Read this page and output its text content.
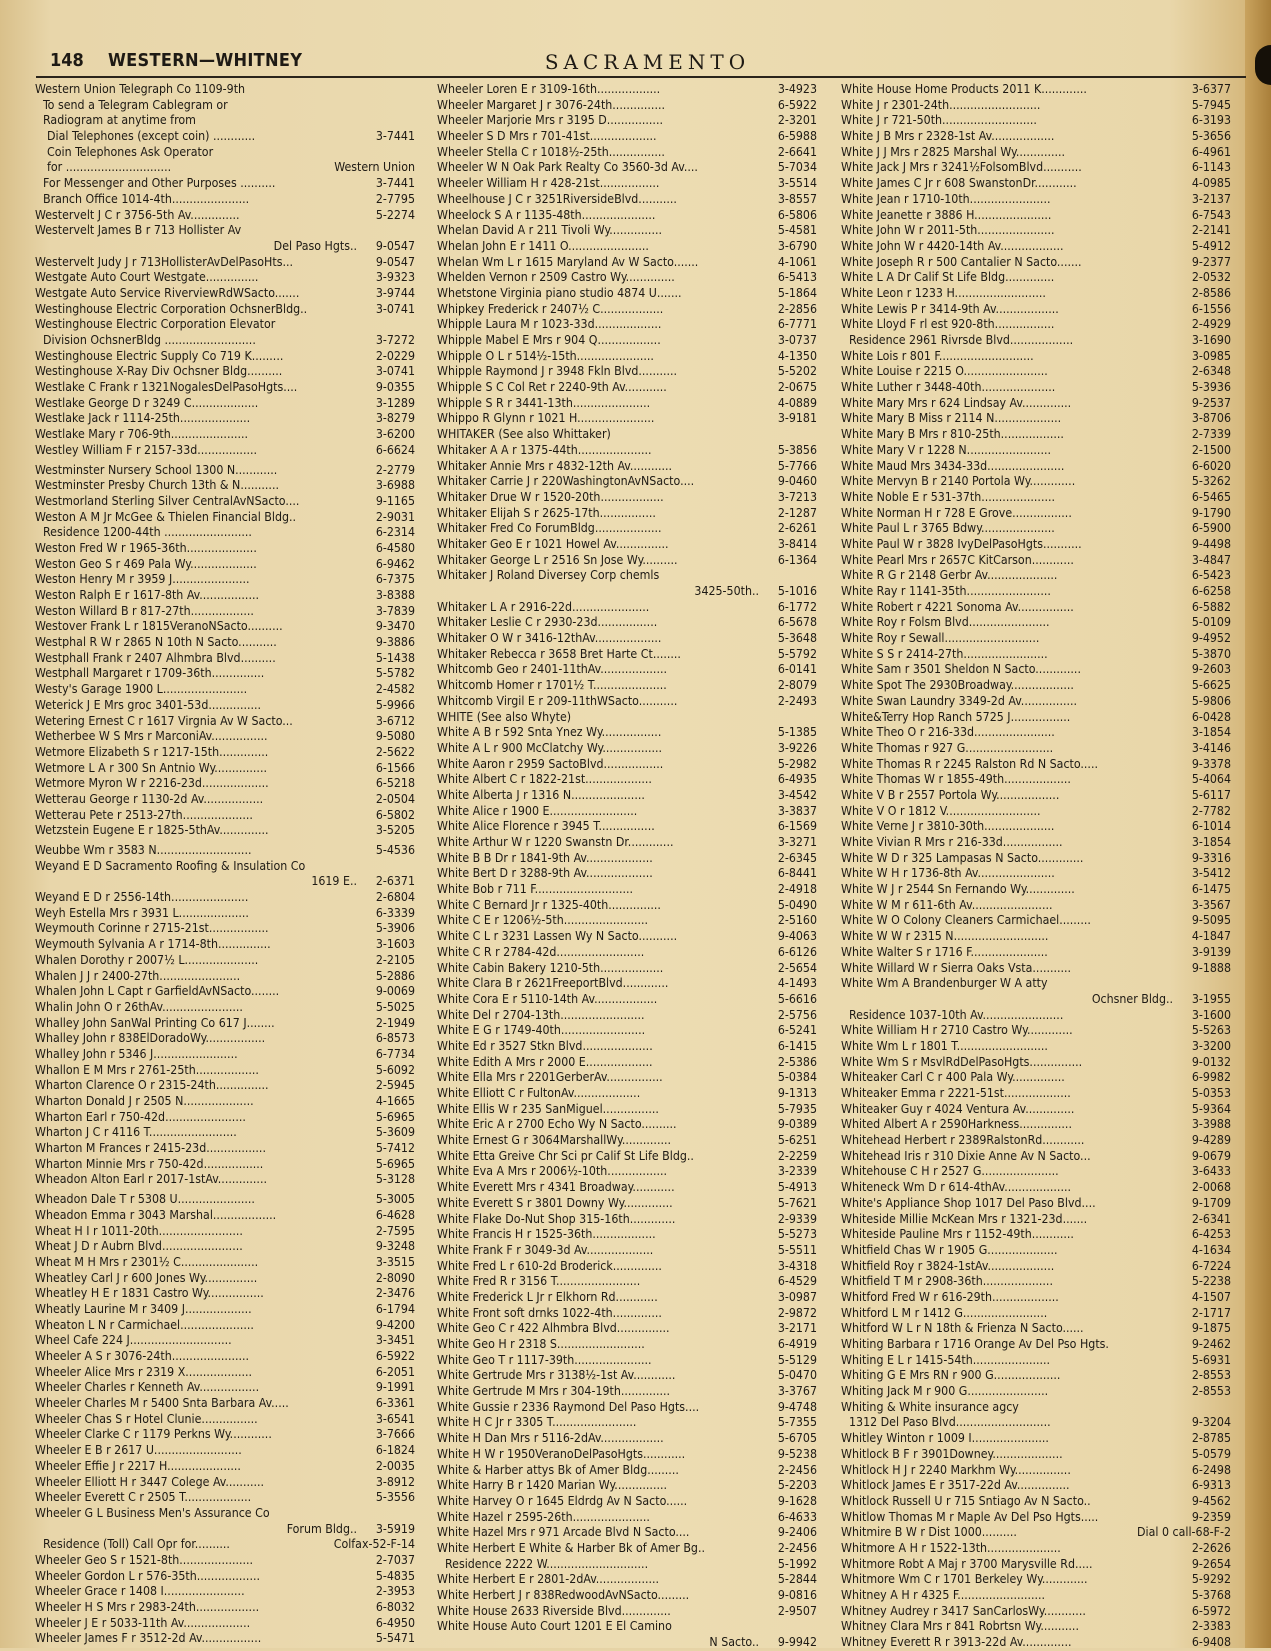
148 WESTERN—WHITNEY	SACRAMENTO
Western Union Telegraph Co 1109-9th
To send a Telegram Cablegram or
Radiogram at anytime from
Dial Telephones (except coin) ............	3-7441
Coin Telephones Ask Operator
for ..............................	Western Union
For Messenger and Other Purposes ..........	3-7441
Branch Office 1014-4th......................	2-7795
Westervelt J C r 3756-5th Av..............	5-2274
Westervelt James B r 713 Hollister Av
Del Paso Hgts..	9-0547
Westervelt Judy J r 713HollisterAvDelPasoHts...	9-0547
Westgate Auto Court Westgate...............	3-9323
Westgate Auto Service RiverviewRdWSacto.......	3-9744
Westinghouse Electric Corporation OchsnerBldg..	3-0741
Westinghouse Electric Corporation Elevator
Division OchsnerBldg ..........................	3-7272
Westinghouse Electric Supply Co 719 K.........	2-0229
Westinghouse X-Ray Div Ochsner Bldg..........	3-0741
Westlake C Frank r 1321NogalesDelPasoHgts....	9-0355
Westlake George D r 3249 C...................	3-1289
Westlake Jack r 1114-25th....................	3-8279
Westlake Mary r 706-9th......................	3-6200
Westley William F r 2157-33d.................	6-6624
Westminster Nursery School 1300 N............	2-2779
Westminster Presby Church 13th & N...........	3-6988
Westmorland Sterling Silver CentralAvNSacto....	9-1165
Weston A M Jr McGee & Thielen Financial Bldg..	2-9031
Residence 1200-44th .........................	6-2314
Weston Fred W r 1965-36th....................	6-4580
Weston Geo S r 469 Pala Wy...................	6-9462
Weston Henry M r 3959 J......................	6-7375
Weston Ralph E r 1617-8th Av.................	3-8388
Weston Willard B r 817-27th..................	3-7839
Westover Frank L r 1815VeranoNSacto..........	9-3470
Westphal R W r 2865 N 10th N Sacto...........	9-3886
Westphall Frank r 2407 Alhmbra Blvd..........	5-1438
Westphall Margaret r 1709-36th...............	5-5782
Westy's Garage 1900 L........................	2-4582
Weterick J E Mrs groc 3401-53d...............	5-9966
Wetering Ernest C r 1617 Virgnia Av W Sacto...	3-6712
Wetherbee W S Mrs r MarconiAv................	9-5080
Wetmore Elizabeth S r 1217-15th..............	2-5622
Wetmore L A r 300 Sn Antnio Wy...............	6-1566
Wetmore Myron W r 2216-23d...................	6-5218
Wetterau George r 1130-2d Av.................	2-0504
Wetterau Pete r 2513-27th....................	6-5802
Wetzstein Eugene E r 1825-5thAv..............	3-5205
Weubbe Wm r 3583 N...........................	5-4536
Weyand E D Sacramento Roofing & Insulation Co
1619 E..	2-6371
Weyand E D r 2556-14th......................	2-6804
Weyh Estella Mrs r 3931 L....................	6-3339
Weymouth Corinne r 2715-21st.................	5-3906
Weymouth Sylvania A r 1714-8th...............	3-1603
Whalen Dorothy r 2007½ L.....................	2-2105
Whalen J J r 2400-27th.......................	5-2886
Whalen John L Capt r GarfieldAvNSacto........	9-0069
Whalin John O r 26thAv.......................	5-5025
Whalley John SanWal Printing Co 617 J........	2-1949
Whalley John r 838ElDoradoWy.................	6-8573
Whalley John r 5346 J........................	6-7734
Whallon E M Mrs r 2761-25th..................	5-6092
Wharton Clarence O r 2315-24th...............	2-5945
Wharton Donald J r 2505 N....................	4-1665
Wharton Earl r 750-42d.......................	5-6965
Wharton J C r 4116 T.........................	5-3609
Wharton M Frances r 2415-23d.................	5-7412
Wharton Minnie Mrs r 750-42d.................	5-6965
Wheadon Alton Earl r 2017-1stAv..............	5-3128
Wheadon Dale T r 5308 U......................	5-3005
Wheadon Emma r 3043 Marshal..................	6-4628
Wheat H I r 1011-20th........................	2-7595
Wheat J D r Aubrn Blvd.......................	9-3248
Wheat M H Mrs r 2301½ C......................	3-3515
Wheatley Carl J r 600 Jones Wy...............	2-8090
Wheatley H E r 1831 Castro Wy................	2-3476
Wheatly Laurine M r 3409 J...................	6-1794
Wheaton L N r Carmichael.....................	9-4200
Wheel Cafe 224 J.............................	3-3451
Wheeler A S r 3076-24th......................	6-5922
Wheeler Alice Mrs r 2319 X...................	6-2051
Wheeler Charles r Kenneth Av.................	9-1991
Wheeler Charles M r 5400 Snta Barbara Av.....	6-3361
Wheeler Chas S r Hotel Clunie................	3-6541
Wheeler Clarke C r 1179 Perkns Wy............	3-7666
Wheeler E B r 2617 U.........................	6-1824
Wheeler Effie J r 2217 H.....................	2-0035
Wheeler Elliott H r 3447 Colege Av...........	3-8912
Wheeler Everett C r 2505 T...................	5-3556
Wheeler G L Business Men's Assurance Co
Forum Bldg..	3-5919
Residence (Toll) Call Opr for..........	Colfax-52-F-14
Wheeler Geo S r 1521-8th.....................	2-7037
Wheeler Gordon L r 576-35th..................	5-4835
Wheeler Grace r 1408 I.......................	2-3953
Wheeler H S Mrs r 2983-24th..................	6-8032
Wheeler J E r 5033-11th Av...................	6-4950
Wheeler James F r 3512-2d Av.................	5-5471
Wheeler Loren E r 3109-16th..................	3-4923
Wheeler Margaret J r 3076-24th...............	6-5922
Wheeler Marjorie Mrs r 3195 D................	2-3201
Wheeler S D Mrs r 701-41st...................	6-5988
Wheeler Stella C r 1018½-25th................	2-6641
Wheeler W N Oak Park Realty Co 3560-3d Av....	5-7034
Wheeler William H r 428-21st.................	3-5514
Wheelhouse J C r 3251RiversideBlvd...........	3-8557
Wheelock S A r 1135-48th.....................	6-5806
Whelan David A r 211 Tivoli Wy...............	5-4581
Whelan John E r 1411 O.......................	3-6790
Whelan Wm L r 1615 Maryland Av W Sacto.......	4-1061
Whelden Vernon r 2509 Castro Wy..............	6-5413
Whetstone Virginia piano studio 4874 U.......	5-1864
Whipkey Frederick r 2407½ C..................	2-2856
Whipple Laura M r 1023-33d...................	6-7771
Whipple Mabel E Mrs r 904 Q..................	3-0737
Whipple O L r 514½-15th......................	4-1350
Whipple Raymond J r 3948 Fkln Blvd...........	5-5202
Whipple S C Col Ret r 2240-9th Av............	2-0675
Whipple S R r 3441-13th......................	4-0889
Whippo R Glynn r 1021 H......................	3-9181
WHITAKER (See also Whittaker)
Whitaker A A r 1375-44th.....................	5-3856
Whitaker Annie Mrs r 4832-12th Av............	5-7766
Whitaker Carrie J r 220WashingtonAvNSacto....	9-0460
Whitaker Drue W r 1520-20th..................	3-7213
Whitaker Elijah S r 2625-17th................	2-1287
Whitaker Fred Co ForumBldg...................	2-6261
Whitaker Geo E r 1021 Howel Av...............	3-8414
Whitaker George L r 2516 Sn Jose Wy..........	6-1364
Whitaker J Roland Diversey Corp chemls
3425-50th..	5-1016
Whitaker L A r 2916-22d......................	6-1772
Whitaker Leslie C r 2930-23d.................	6-5678
Whitaker O W r 3416-12thAv...................	5-3648
Whitaker Rebecca r 3658 Bret Harte Ct........	5-5792
Whitcomb Geo r 2401-11thAv...................	6-0141
Whitcomb Homer r 1701½ T.....................	2-8079
Whitcomb Virgil E r 209-11thWSacto...........	2-2493
WHITE (See also Whyte)
White A B r 592 Snta Ynez Wy.................	5-1385
White A L r 900 McClatchy Wy.................	3-9226
White Aaron r 2959 SactoBlvd.................	5-2982
White Albert C r 1822-21st...................	6-4935
White Alberta J r 1316 N.....................	3-4542
White Alice r 1900 E.........................	3-3837
White Alice Florence r 3945 T................	6-1569
White Arthur W r 1220 Swanstn Dr.............	3-3271
White B B Dr r 1841-9th Av...................	2-6345
White Bert D r 3288-9th Av...................	6-8441
White Bob r 711 F............................	2-4918
White C Bernard Jr r 1325-40th...............	5-0490
White C E r 1206½-5th........................	2-5160
White C L r 3231 Lassen Wy N Sacto...........	9-4063
White C R r 2784-42d.........................	6-6126
White Cabin Bakery 1210-5th..................	2-5654
White Clara B r 2621FreeportBlvd.............	4-1493
White Cora E r 5110-14th Av..................	5-6616
White Del r 2704-13th........................	2-5756
White E G r 1749-40th........................	6-5241
White Ed r 3527 Stkn Blvd....................	6-1415
White Edith A Mrs r 2000 E...................	2-5386
White Ella Mrs r 2201GerberAv................	5-0384
White Elliott C r FultonAv...................	9-1313
White Ellis W r 235 SanMiguel................	5-7935
White Eric A r 2700 Echo Wy N Sacto..........	9-0389
White Ernest G r 3064MarshallWy..............	5-6251
White Etta Greive Chr Sci pr Calif St Life Bldg..	2-2259
White Eva A Mrs r 2006½-10th.................	3-2339
White Everett Mrs r 4341 Broadway............	5-4913
White Everett S r 3801 Downy Wy..............	5-7621
White Flake Do-Nut Shop 315-16th.............	2-9339
White Francis H r 1525-36th..................	5-5273
White Frank F r 3049-3d Av...................	5-5511
White Fred L r 610-2d Broderick..............	3-4318
White Fred R r 3156 T........................	6-4529
White Frederick L Jr r Elkhorn Rd............	3-0987
White Front soft drnks 1022-4th..............	2-9872
White Geo C r 422 Alhmbra Blvd...............	3-2171
White Geo H r 2318 S.........................	6-4919
White Geo T r 1117-39th......................	5-5129
White Gertrude Mrs r 3138½-1st Av............	5-0470
White Gertrude M Mrs r 304-19th..............	3-3767
White Gussie r 2336 Raymond Del Paso Hgts....	9-4748
White H C Jr r 3305 T........................	5-7355
White H Dan Mrs r 5116-2dAv..................	5-6705
White H W r 1950VeranoDelPasoHgts............	9-5238
White & Harber attys Bk of Amer Bldg.........	2-2456
White Harry B r 1420 Marian Wy...............	5-2203
White Harvey O r 1645 Eldrdg Av N Sacto......	9-1628
White Hazel r 2595-26th......................	6-4633
White Hazel Mrs r 971 Arcade Blvd N Sacto....	9-2406
White Herbert E White & Harber Bk of Amer Bg..	2-2456
Residence 2222 W.............................	5-1992
White Herbert E r 2801-2dAv..................	5-2844
White Herbert J r 838RedwoodAvNSacto.........	9-0816
White House 2633 Riverside Blvd..............	2-9507
White House Auto Court 1201 E El Camino
N Sacto..	9-9942
White House Home Products 2011 K.............	3-6377
White J r 2301-24th..........................	5-7945
White J r 721-50th...........................	6-3193
White J B Mrs r 2328-1st Av..................	5-3656
White J J Mrs r 2825 Marshal Wy..............	6-4961
White Jack J Mrs r 3241½FolsomBlvd...........	6-1143
White James C Jr r 608 SwanstonDr............	4-0985
White Jean r 1710-10th.......................	3-2137
White Jeanette r 3886 H......................	6-7543
White John W r 2011-5th......................	2-2141
White John W r 4420-14th Av..................	5-4912
White Joseph R r 500 Cantalier N Sacto.......	9-2377
White L A Dr Calif St Life Bldg..............	2-0532
White Leon r 1233 H..........................	2-8586
White Lewis P r 3414-9th Av..................	6-1556
White Lloyd F rl est 920-8th.................	2-4929
Residence 2961 Rivrsde Blvd..................	3-1690
White Lois r 801 F...........................	3-0985
White Louise r 2215 O........................	2-6348
White Luther r 3448-40th.....................	5-3936
White Mary Mrs r 624 Lindsay Av..............	9-2537
White Mary B Miss r 2114 N...................	3-8706
White Mary B Mrs r 810-25th..................	2-7339
White Mary V r 1228 N........................	2-1500
White Maud Mrs 3434-33d......................	6-6020
White Mervyn B r 2140 Portola Wy.............	5-3262
White Noble E r 531-37th.....................	6-5465
White Norman H r 728 E Grove.................	9-1790
White Paul L r 3765 Bdwy.....................	6-5900
White Paul W r 3828 IvyDelPasoHgts...........	9-4498
White Pearl Mrs r 2657C KitCarson............	3-4847
White R G r 2148 Gerbr Av....................	6-5423
White Ray r 1141-35th........................	6-6258
White Robert r 4221 Sonoma Av................	6-5882
White Roy r Folsm Blvd.......................	5-0109
White Roy r Sewall...........................	9-4952
White S S r 2414-27th........................	5-3870
White Sam r 3501 Sheldon N Sacto.............	9-2603
White Spot The 2930Broadway..................	5-6625
White Swan Laundry 3349-2d Av................	5-9806
White&Terry Hop Ranch 5725 J.................	6-0428
White Theo O r 216-33d.......................	3-1854
White Thomas r 927 G.........................	3-4146
White Thomas R r 2245 Ralston Rd N Sacto.....	9-3378
White Thomas W r 1855-49th...................	5-4064
White V B r 2557 Portola Wy..................	5-6117
White V O r 1812 V...........................	2-7782
White Verne J r 3810-30th....................	6-1014
White Vivian R Mrs r 216-33d.................	3-1854
White W D r 325 Lampasas N Sacto.............	9-3316
White W H r 1736-8th Av......................	3-5412
White W J r 2544 Sn Fernando Wy..............	6-1475
White W M r 611-6th Av.......................	3-3567
White W O Colony Cleaners Carmichael.........	9-5095
White W W r 2315 N...........................	4-1847
White Walter S r 1716 F......................	3-9139
White Willard W r Sierra Oaks Vsta...........	9-1888
White Wm A Brandenburger W A atty
Ochsner Bldg..	3-1955
Residence 1037-10th Av.......................	3-1600
White William H r 2710 Castro Wy.............	5-5263
White Wm L r 1801 T..........................	3-3200
White Wm S r MsvlRdDelPasoHgts...............	9-0132
Whiteaker Carl C r 400 Pala Wy...............	6-9982
Whiteaker Emma r 2221-51st...................	5-0353
Whiteaker Guy r 4024 Ventura Av..............	5-9364
Whited Albert A r 2590Harkness...............	3-3988
Whitehead Herbert r 2389RalstonRd............	9-4289
Whitehead Iris r 310 Dixie Anne Av N Sacto...	9-0679
Whitehouse C H r 2527 G......................	3-6433
Whiteneck Wm D r 614-4thAv...................	2-0068
White's Appliance Shop 1017 Del Paso Blvd....	9-1709
Whiteside Millie McKean Mrs r 1321-23d.......	2-6341
Whiteside Pauline Mrs r 1152-49th............	6-4253
Whitfield Chas W r 1905 G....................	4-1634
Whitfield Roy r 3824-1stAv...................	6-7224
Whitfield T M r 2908-36th....................	5-2238
Whitford Fred W r 616-29th...................	4-1507
Whitford L M r 1412 G........................	2-1717
Whitford W L r N 18th & Frienza N Sacto......	9-1875
Whiting Barbara r 1716 Orange Av Del Pso Hgts.	9-2462
Whiting E L r 1415-54th......................	5-6931
Whiting G E Mrs RN r 900 G...................	2-8553
Whiting Jack M r 900 G.......................	2-8553
Whiting & White insurance agcy
1312 Del Paso Blvd...........................	9-3204
Whitley Winton r 1009 I......................	2-8785
Whitlock B F r 3901Downey....................	5-0579
Whitlock H J r 2240 Markhm Wy................	6-2498
Whitlock James E r 3517-22d Av...............	6-9313
Whitlock Russell U r 715 Sntiago Av N Sacto..	9-4562
Whitlow Thomas M r Maple Av Del Pso Hgts.....	9-2359
Whitmire B W r Dist 1000..........	Dial 0 call-68-F-2
Whitmore A H r 1522-13th.....................	2-2626
Whitmore Robt A Maj r 3700 Marysville Rd.....	9-2654
Whitmore Wm C r 1701 Berkeley Wy.............	5-9292
Whitney A H r 4325 F.........................	5-3768
Whitney Audrey r 3417 SanCarlosWy............	6-5972
Whitney Clara Mrs r 841 Robrtsn Wy...........	2-3383
Whitney Everett R r 3913-22d Av..............	6-9408
